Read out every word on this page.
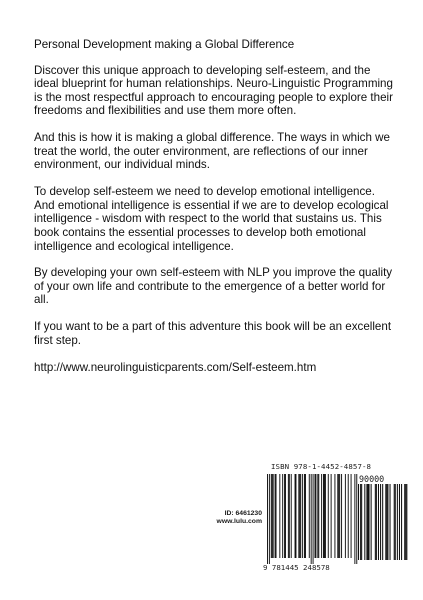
Personal Development making a Global Difference

Discover this unique approach to developing self-esteem, and the ideal blueprint for human relationships. Neuro-Linguistic Programming is the most respectful approach to encouraging people to explore their freedoms and flexibilities and use them more often.

And this is how it is making a global difference. The ways in which we treat the world, the outer environment, are reflections of our inner environment, our individual minds.

To develop self-esteem we need to develop emotional intelligence. And emotional intelligence is essential if we are to develop ecological intelligence - wisdom with respect to the world that sustains us. This book contains the essential processes to develop both emotional intelligence and ecological intelligence.

By developing your own self-esteem with NLP you improve the quality of your own life and contribute to the emergence of a better world for all.

If you want to be a part of this adventure this book will be an excellent first step.

http://www.neurolinguisticparents.com/Self-esteem.htm

ID: 6461230
www.lulu.com
ISBN 978-1-4452-4857-8
90000
9 781445 248578
